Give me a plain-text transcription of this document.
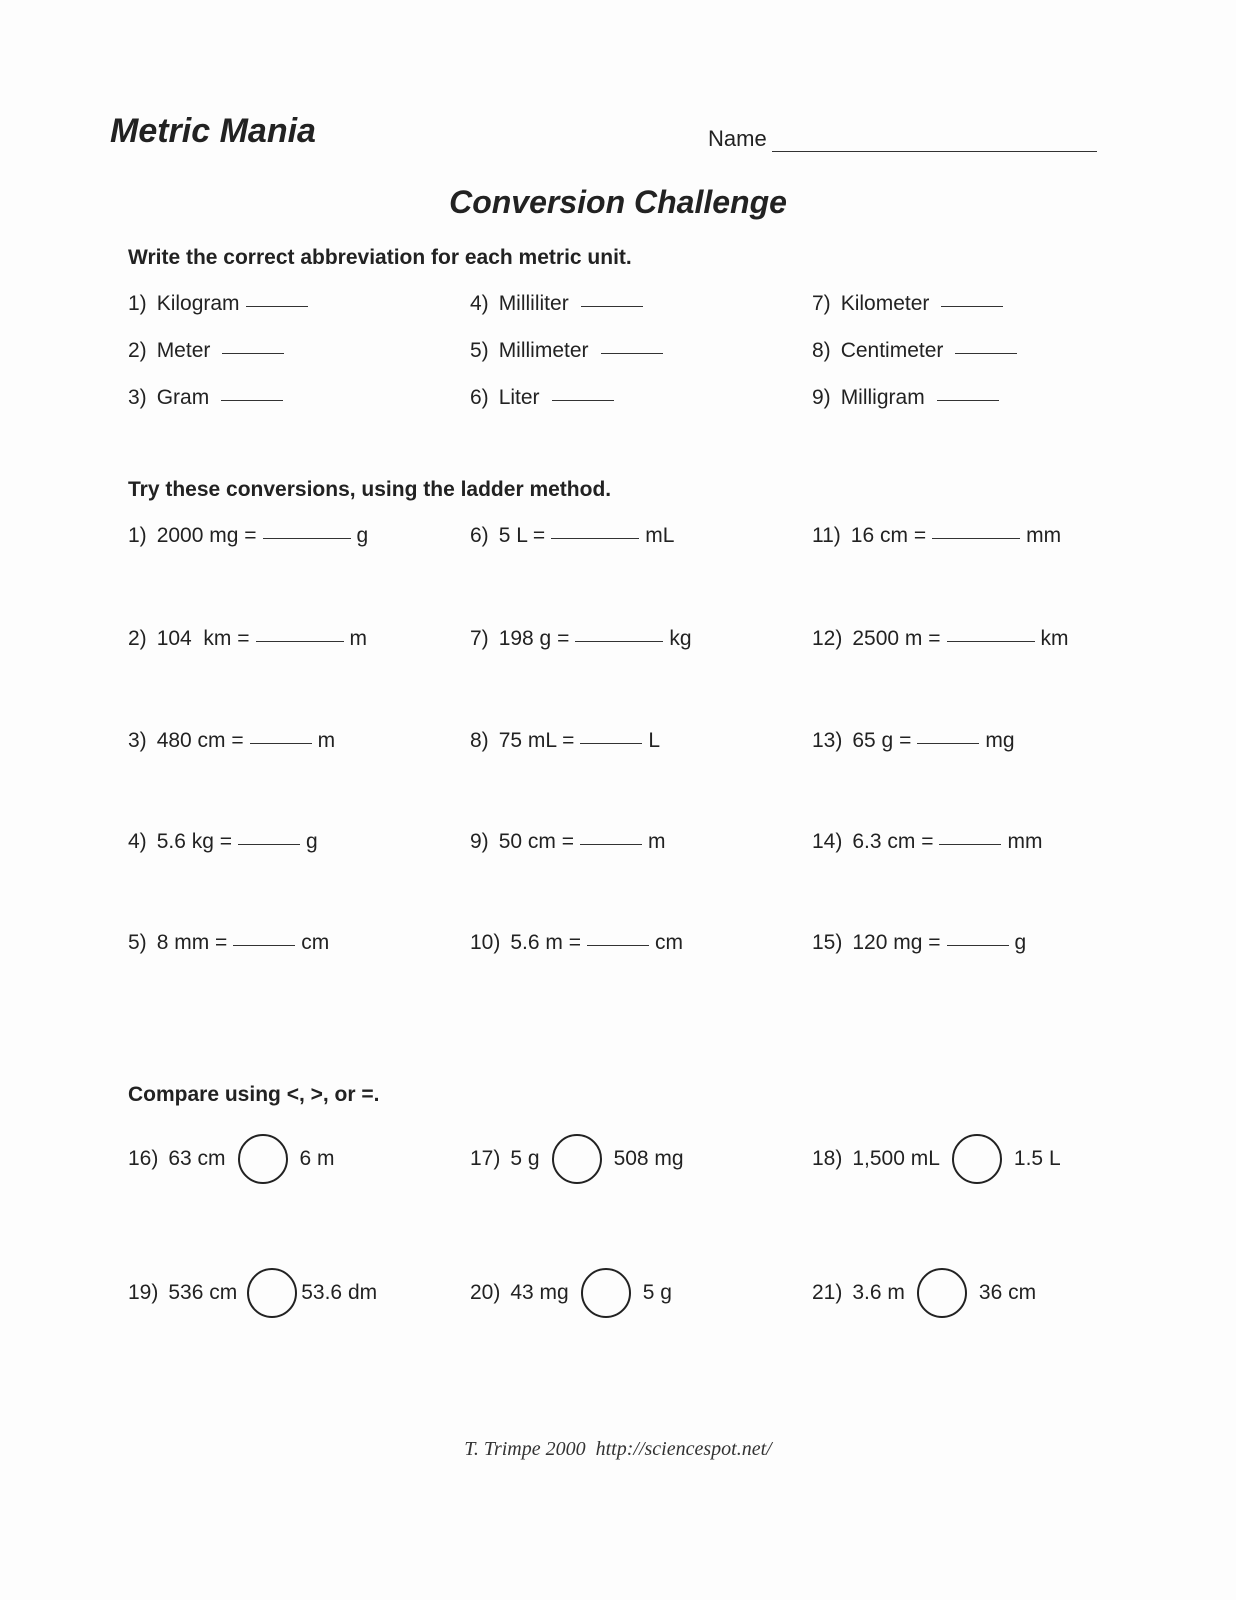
Metric Mania	Name
Conversion Challenge
Write the correct abbreviation for each metric unit.
1) Kilogram
2) Meter
3) Gram
4) Milliliter
5) Millimeter
6) Liter
7) Kilometer
8) Centimeter
9) Milligram
Try these conversions, using the ladder method.
1) 2000 mg =	g
2) 104  km =	m
3) 480 cm =	m
4) 5.6 kg =	g
5) 8 mm =	cm
6) 5 L =	mL
7) 198 g =	kg
8) 75 mL =	L
9) 50 cm =	m
10) 5.6 m =	cm
11) 16 cm =	mm
12) 2500 m =	km
13) 65 g =	mg
14) 6.3 cm =	mm
15) 120 mg =	g
Compare using <, >, or =.
16) 63 cm	6 m	17) 5 g	508 mg	18) 1,500 mL	1.5 L
19) 536 cm	53.6 dm	20) 43 mg	5 g	21) 3.6 m	36 cm
T. Trimpe 2000  http://sciencespot.net/
